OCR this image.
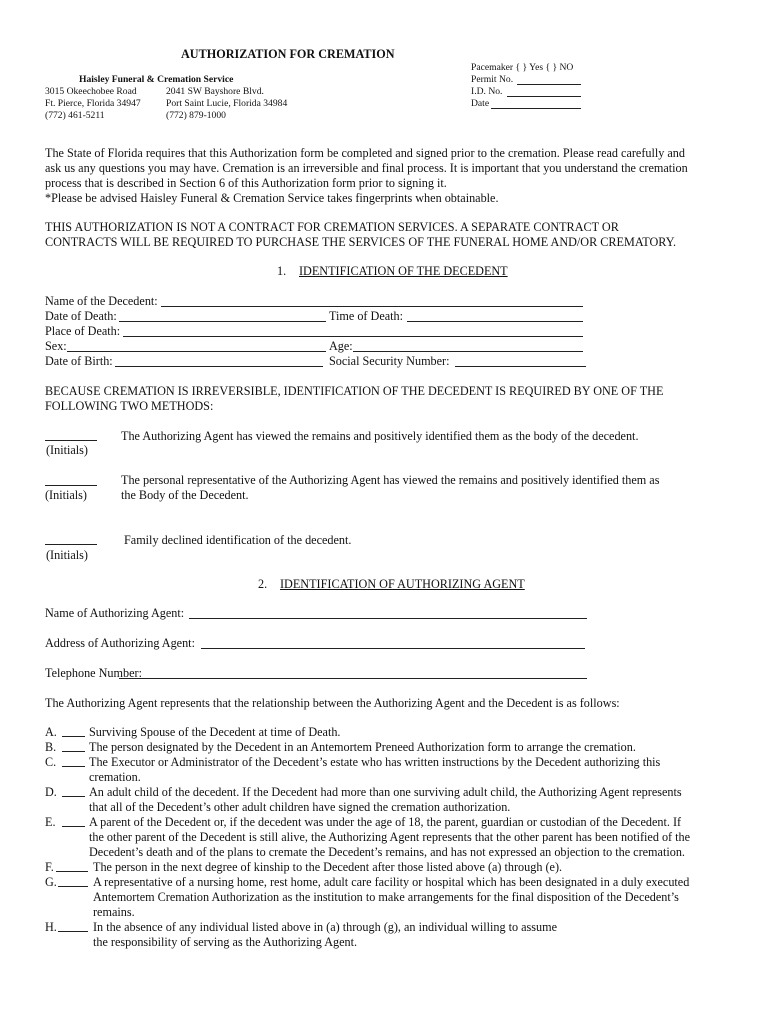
AUTHORIZATION FOR CREMATION
Pacemaker { } Yes { } NO
Permit No.
I.D. No.
Date
Haisley Funeral & Cremation Service
3015 Okeechobee Road
Ft. Pierce, Florida 34947
(772) 461-5211
2041 SW Bayshore Blvd.
Port Saint Lucie, Florida 34984
(772) 879-1000
The State of Florida requires that this Authorization form be completed and signed prior to the cremation. Please read carefully and
ask us any questions you may have. Cremation is an irreversible and final process. It is important that you understand the cremation
process that is described in Section 6 of this Authorization form prior to signing it.
*Please be advised Haisley Funeral & Cremation Service takes fingerprints when obtainable.
THIS AUTHORIZATION IS NOT A CONTRACT FOR CREMATION SERVICES. A SEPARATE CONTRACT OR
CONTRACTS WILL BE REQUIRED TO PURCHASE THE SERVICES OF THE FUNERAL HOME AND/OR CREMATORY.
1. IDENTIFICATION OF THE DECEDENT
Name of the Decedent:
Date of Death:	Time of Death:
Place of Death:
Sex:	Age:
Date of Birth:	Social Security Number:
BECAUSE CREMATION IS IRREVERSIBLE, IDENTIFICATION OF THE DECEDENT IS REQUIRED BY ONE OF THE
FOLLOWING TWO METHODS:
The Authorizing Agent has viewed the remains and positively identified them as the body of the decedent.
(Initials)
The personal representative of the Authorizing Agent has viewed the remains and positively identified them as
(Initials)	the Body of the Decedent.
Family declined identification of the decedent.
(Initials)
2. IDENTIFICATION OF AUTHORIZING AGENT
Name of Authorizing Agent:
Address of Authorizing Agent:
Telephone Number:
The Authorizing Agent represents that the relationship between the Authorizing Agent and the Decedent is as follows:
A.	Surviving Spouse of the Decedent at time of Death.
B.	The person designated by the Decedent in an Antemortem Preneed Authorization form to arrange the cremation.
C.	The Executor or Administrator of the Decedent’s estate who has written instructions by the Decedent authorizing this
cremation.
D.	An adult child of the decedent. If the Decedent had more than one surviving adult child, the Authorizing Agent represents
that all of the Decedent’s other adult children have signed the cremation authorization.
E.	A parent of the Decedent or, if the decedent was under the age of 18, the parent, guardian or custodian of the Decedent. If
the other parent of the Decedent is still alive, the Authorizing Agent represents that the other parent has been notified of the
Decedent’s death and of the plans to cremate the Decedent’s remains, and has not expressed an objection to the cremation.
F.	The person in the next degree of kinship to the Decedent after those listed above (a) through (e).
G.	A representative of a nursing home, rest home, adult care facility or hospital which has been designated in a duly executed
Antemortem Cremation Authorization as the institution to make arrangements for the final disposition of the Decedent’s
remains.
H.	In the absence of any individual listed above in (a) through (g), an individual willing to assume
the responsibility of serving as the Authorizing Agent.
